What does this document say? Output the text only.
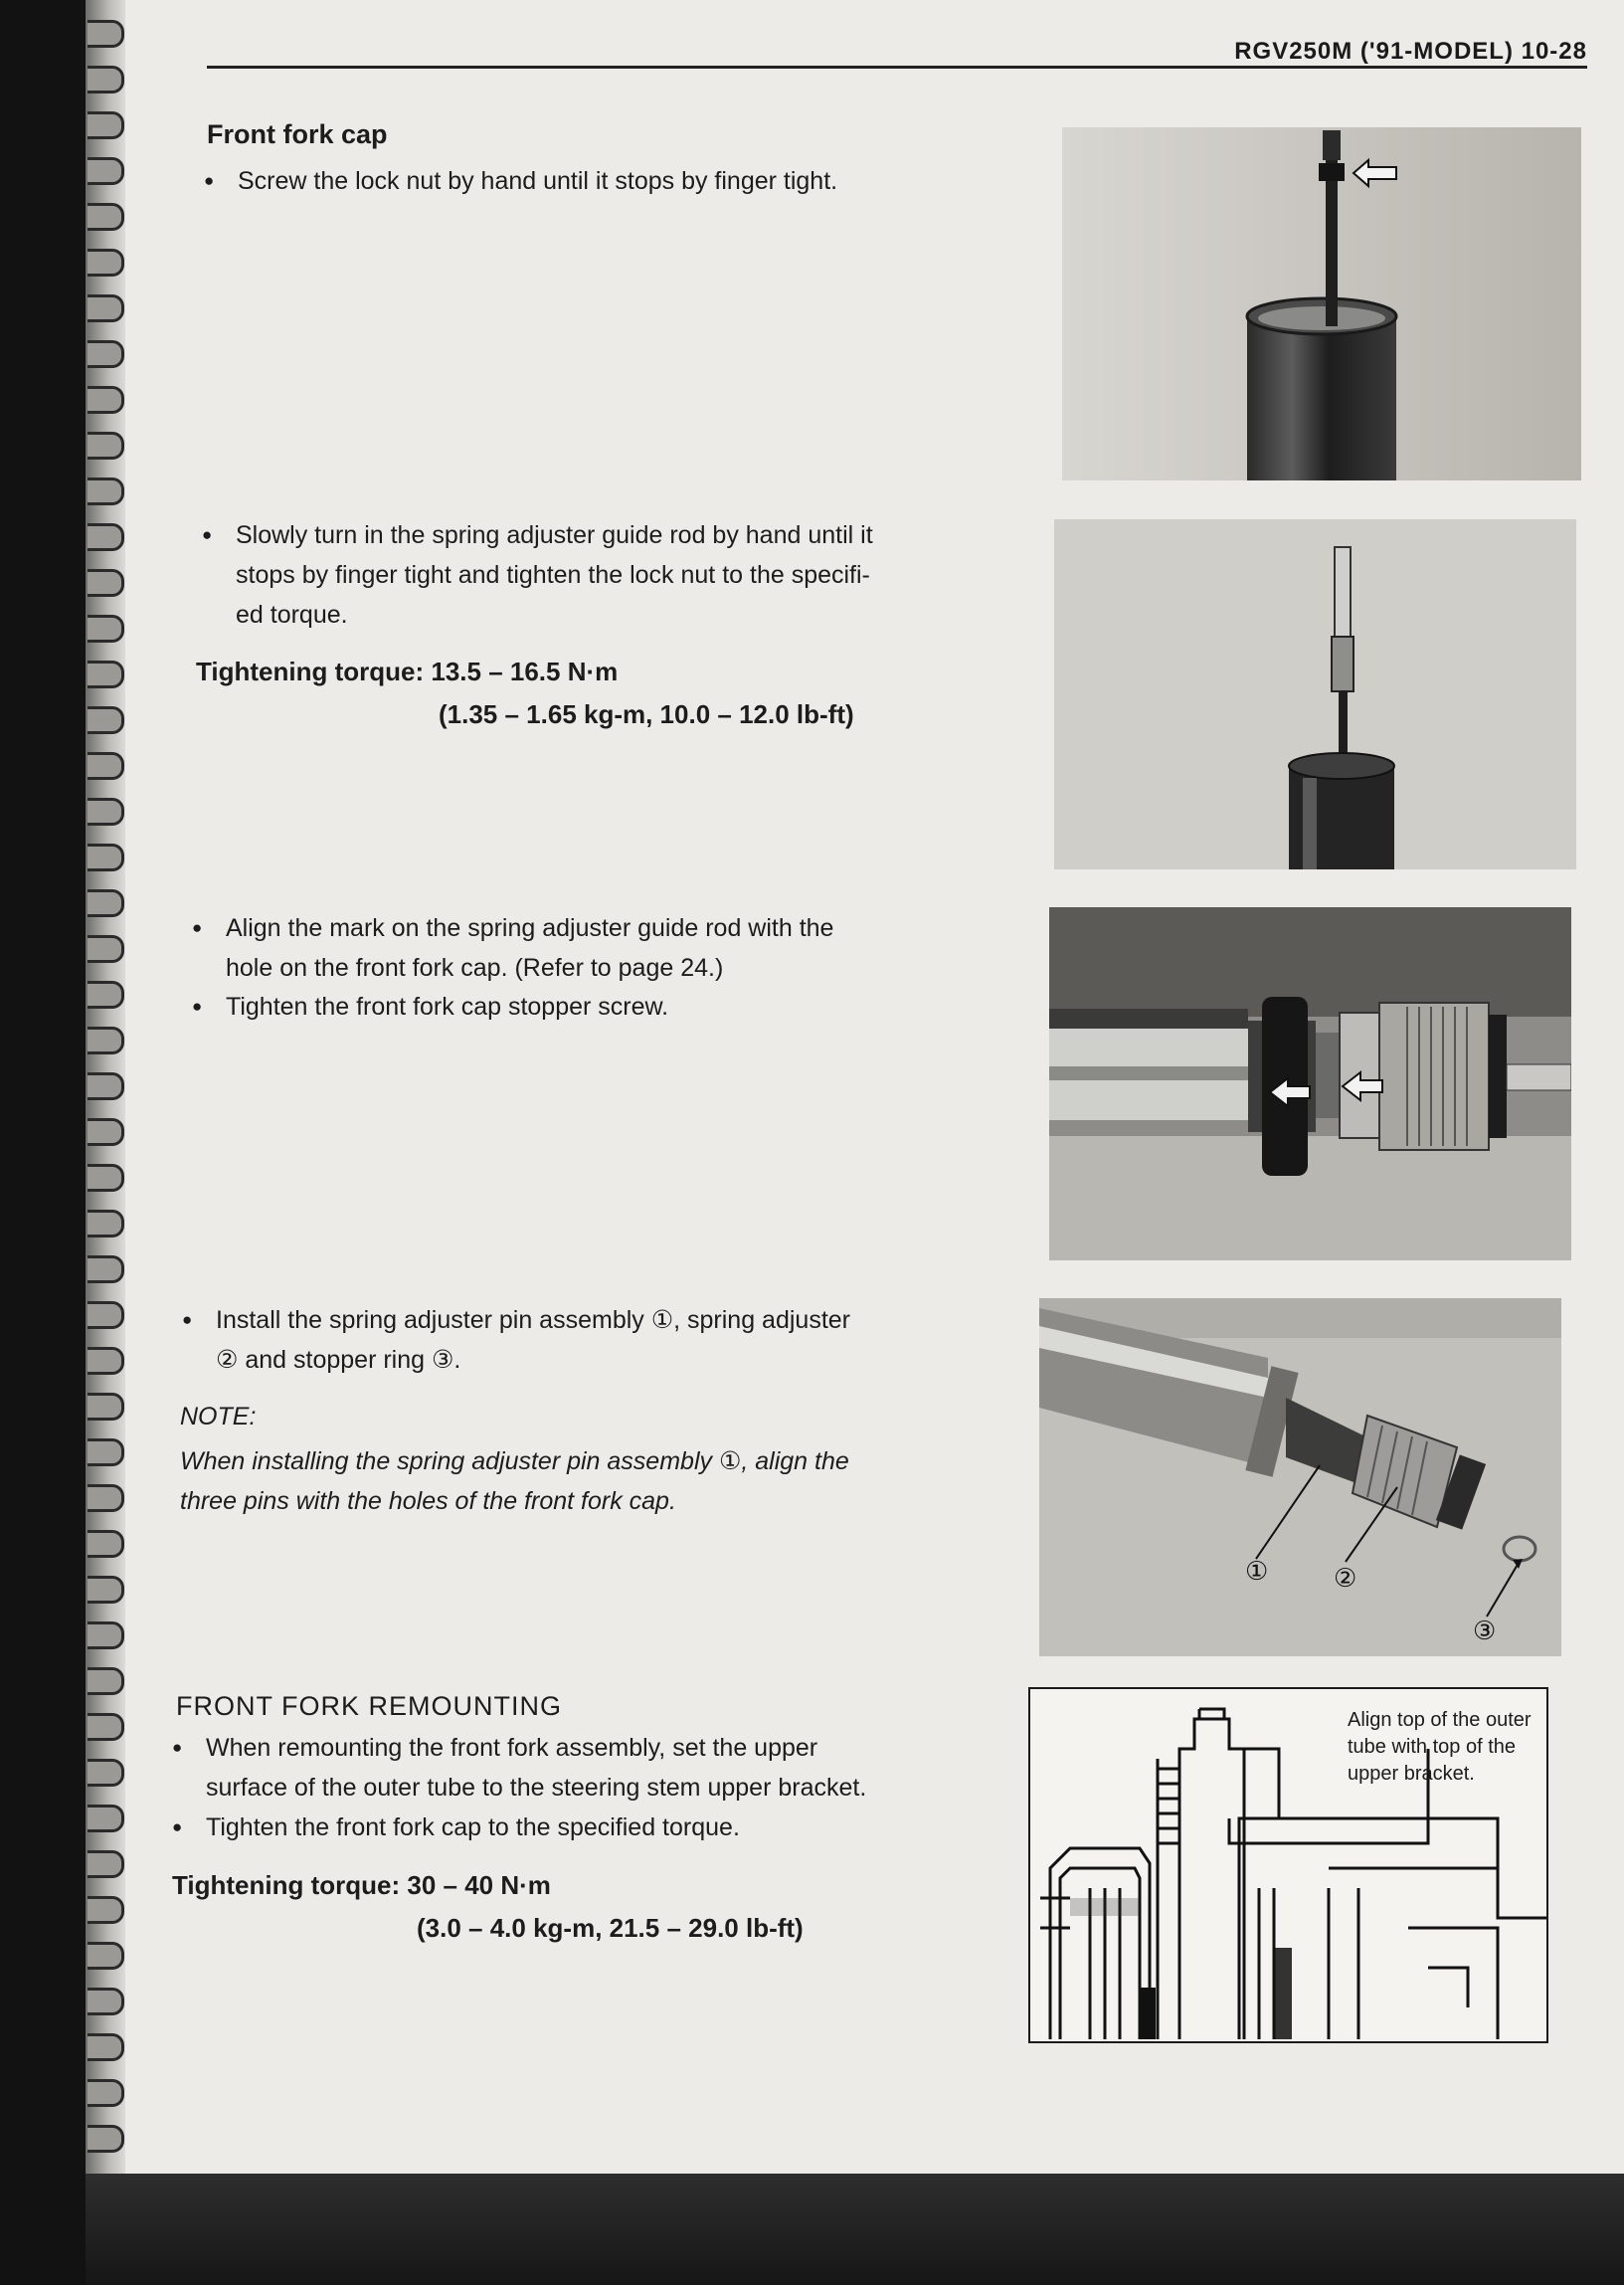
RGV250M ('91-MODEL) 10-28
Front fork cap
● Screw the lock nut by hand until it stops by finger tight.
● Slowly turn in the spring adjuster guide rod by hand until it
stops by finger tight and tighten the lock nut to the specifi-
ed torque.
Tightening torque: 13.5 – 16.5 N·m
(1.35 – 1.65 kg-m, 10.0 – 12.0 lb-ft)
● Align the mark on the spring adjuster guide rod with the
hole on the front fork cap. (Refer to page 24.)
● Tighten the front fork cap stopper screw.
● Install the spring adjuster pin assembly ①, spring adjuster
② and stopper ring ③.
NOTE:
When installing the spring adjuster pin assembly ①, align the
three pins with the holes of the front fork cap.
FRONT FORK REMOUNTING
● When remounting the front fork assembly, set the upper
surface of the outer tube to the steering stem upper bracket.
● Tighten the front fork cap to the specified torque.
Tightening torque: 30 – 40 N·m
(3.0 – 4.0 kg-m, 21.5 – 29.0 lb-ft)
①	②
③
Align top of the outer tube with top of the upper bracket.
